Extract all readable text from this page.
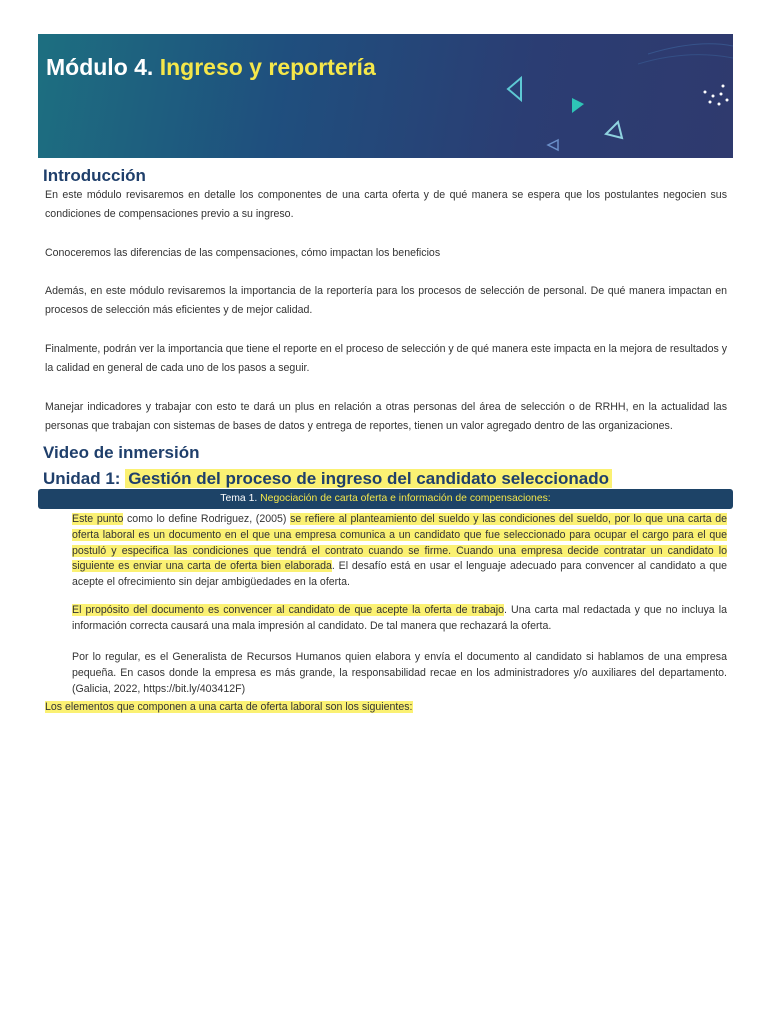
Módulo 4. Ingreso y reportería
Introducción

En este módulo revisaremos en detalle los componentes de una carta oferta y de qué manera se espera que los postulantes negocien sus condiciones de compensaciones previo a su ingreso.

Conoceremos las diferencias de las compensaciones, cómo impactan los beneficios

Además, en este módulo revisaremos la importancia de la reportería para los procesos de selección de personal. De qué manera impactan en procesos de selección más eficientes y de mejor calidad.

Finalmente, podrán ver la importancia que tiene el reporte en el proceso de selección y de qué manera este impacta en la mejora de resultados y la calidad en general de cada uno de los pasos a seguir.

Manejar indicadores y trabajar con esto te dará un plus en relación a otras personas del área de selección o de RRHH, en la actualidad las personas que trabajan con sistemas de bases de datos y entrega de reportes, tienen un valor agregado dentro de las organizaciones.

Video de inmersión
Unidad 1: Gestión del proceso de ingreso del candidato seleccionado
Tema 1. Negociación de carta oferta e información de compensaciones:

Este punto como lo define Rodriguez, (2005) se refiere al planteamiento del sueldo y las condiciones del sueldo, por lo que una carta de oferta laboral es un documento en el que una empresa comunica a un candidato que fue seleccionado para ocupar el cargo para el que postuló y especifica las condiciones que tendrá el contrato cuando se firme. Cuando una empresa decide contratar un candidato lo siguiente es enviar una carta de oferta bien elaborada. El desafío está en usar el lenguaje adecuado para convencer al candidato a que acepte el ofrecimiento sin dejar ambigüedades en la oferta.

El propósito del documento es convencer al candidato de que acepte la oferta de trabajo. Una carta mal redactada y que no incluya la información correcta causará una mala impresión al candidato. De tal manera que rechazará la oferta.

Por lo regular, es el Generalista de Recursos Humanos quien elabora y envía el documento al candidato si hablamos de una empresa pequeña. En casos donde la empresa es más grande, la responsabilidad recae en los administradores y/o auxiliares del departamento. (Galicia, 2022, https://bit.ly/403412F)

Los elementos que componen a una carta de oferta laboral son los siguientes:
